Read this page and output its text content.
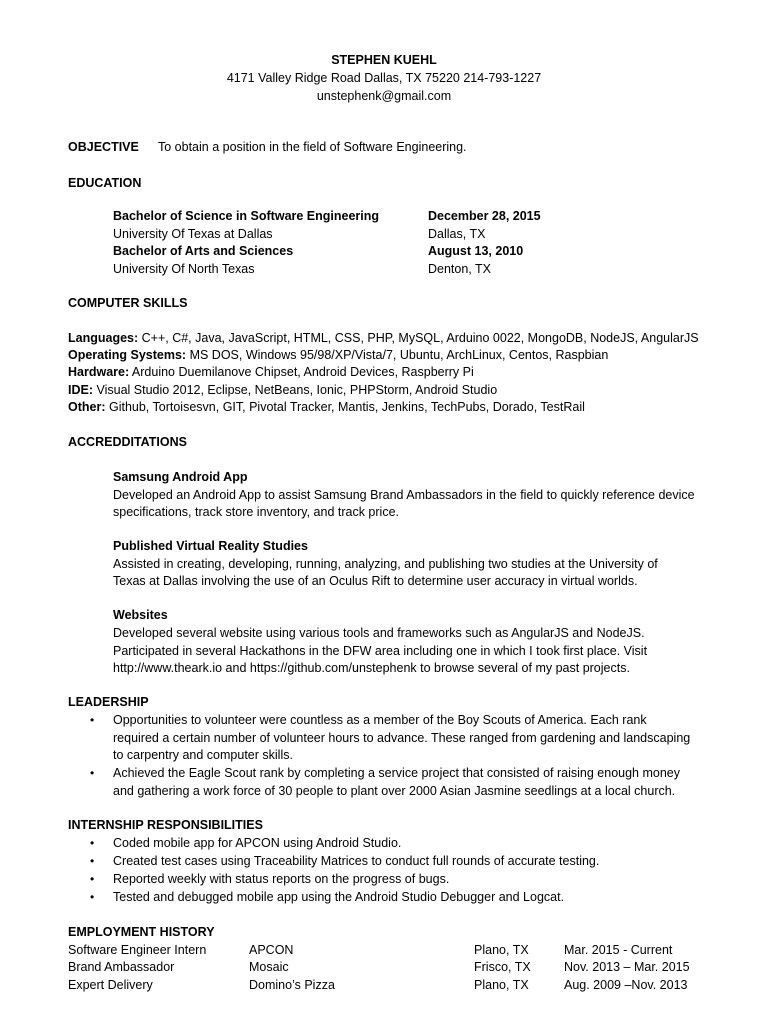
STEPHEN KUEHL
4171 Valley Ridge Road Dallas, TX 75220 214-793-1227
unstephenk@gmail.com
OBJECTIVE To obtain a position in the field of Software Engineering.
EDUCATION
Bachelor of Science in Software Engineering	December 28, 2015
University Of Texas at Dallas	Dallas, TX
Bachelor of Arts and Sciences	August 13, 2010
University Of North Texas	Denton, TX
COMPUTER SKILLS
Languages: C++, C#, Java, JavaScript, HTML, CSS, PHP, MySQL, Arduino 0022, MongoDB, NodeJS, AngularJS
Operating Systems: MS DOS, Windows 95/98/XP/Vista/7, Ubuntu, ArchLinux, Centos, Raspbian
Hardware: Arduino Duemilanove Chipset, Android Devices, Raspberry Pi
IDE: Visual Studio 2012, Eclipse, NetBeans, Ionic, PHPStorm, Android Studio
Other: Github, Tortoisesvn, GIT, Pivotal Tracker, Mantis, Jenkins, TechPubs, Dorado, TestRail
ACCREDDITATIONS
Samsung Android App
Developed an Android App to assist Samsung Brand Ambassadors in the field to quickly reference device
specifications, track store inventory, and track price.
Published Virtual Reality Studies
Assisted in creating, developing, running, analyzing, and publishing two studies at the University of
Texas at Dallas involving the use of an Oculus Rift to determine user accuracy in virtual worlds.
Websites
Developed several website using various tools and frameworks such as AngularJS and NodeJS.
Participated in several Hackathons in the DFW area including one in which I took first place. Visit
http://www.theark.io and https://github.com/unstephenk to browse several of my past projects.
LEADERSHIP
• Opportunities to volunteer were countless as a member of the Boy Scouts of America. Each rank
required a certain number of volunteer hours to advance. These ranged from gardening and landscaping
to carpentry and computer skills.
• Achieved the Eagle Scout rank by completing a service project that consisted of raising enough money
and gathering a work force of 30 people to plant over 2000 Asian Jasmine seedlings at a local church.
INTERNSHIP RESPONSIBILITIES
• Coded mobile app for APCON using Android Studio.
• Created test cases using Traceability Matrices to conduct full rounds of accurate testing.
• Reported weekly with status reports on the progress of bugs.
• Tested and debugged mobile app using the Android Studio Debugger and Logcat.
EMPLOYMENT HISTORY
Software Engineer Intern	APCON	Plano, TX	Mar. 2015 - Current
Brand Ambassador	Mosaic	Frisco, TX	Nov. 2013 – Mar. 2015
Expert Delivery	Domino’s Pizza	Plano, TX	Aug. 2009 –Nov. 2013
